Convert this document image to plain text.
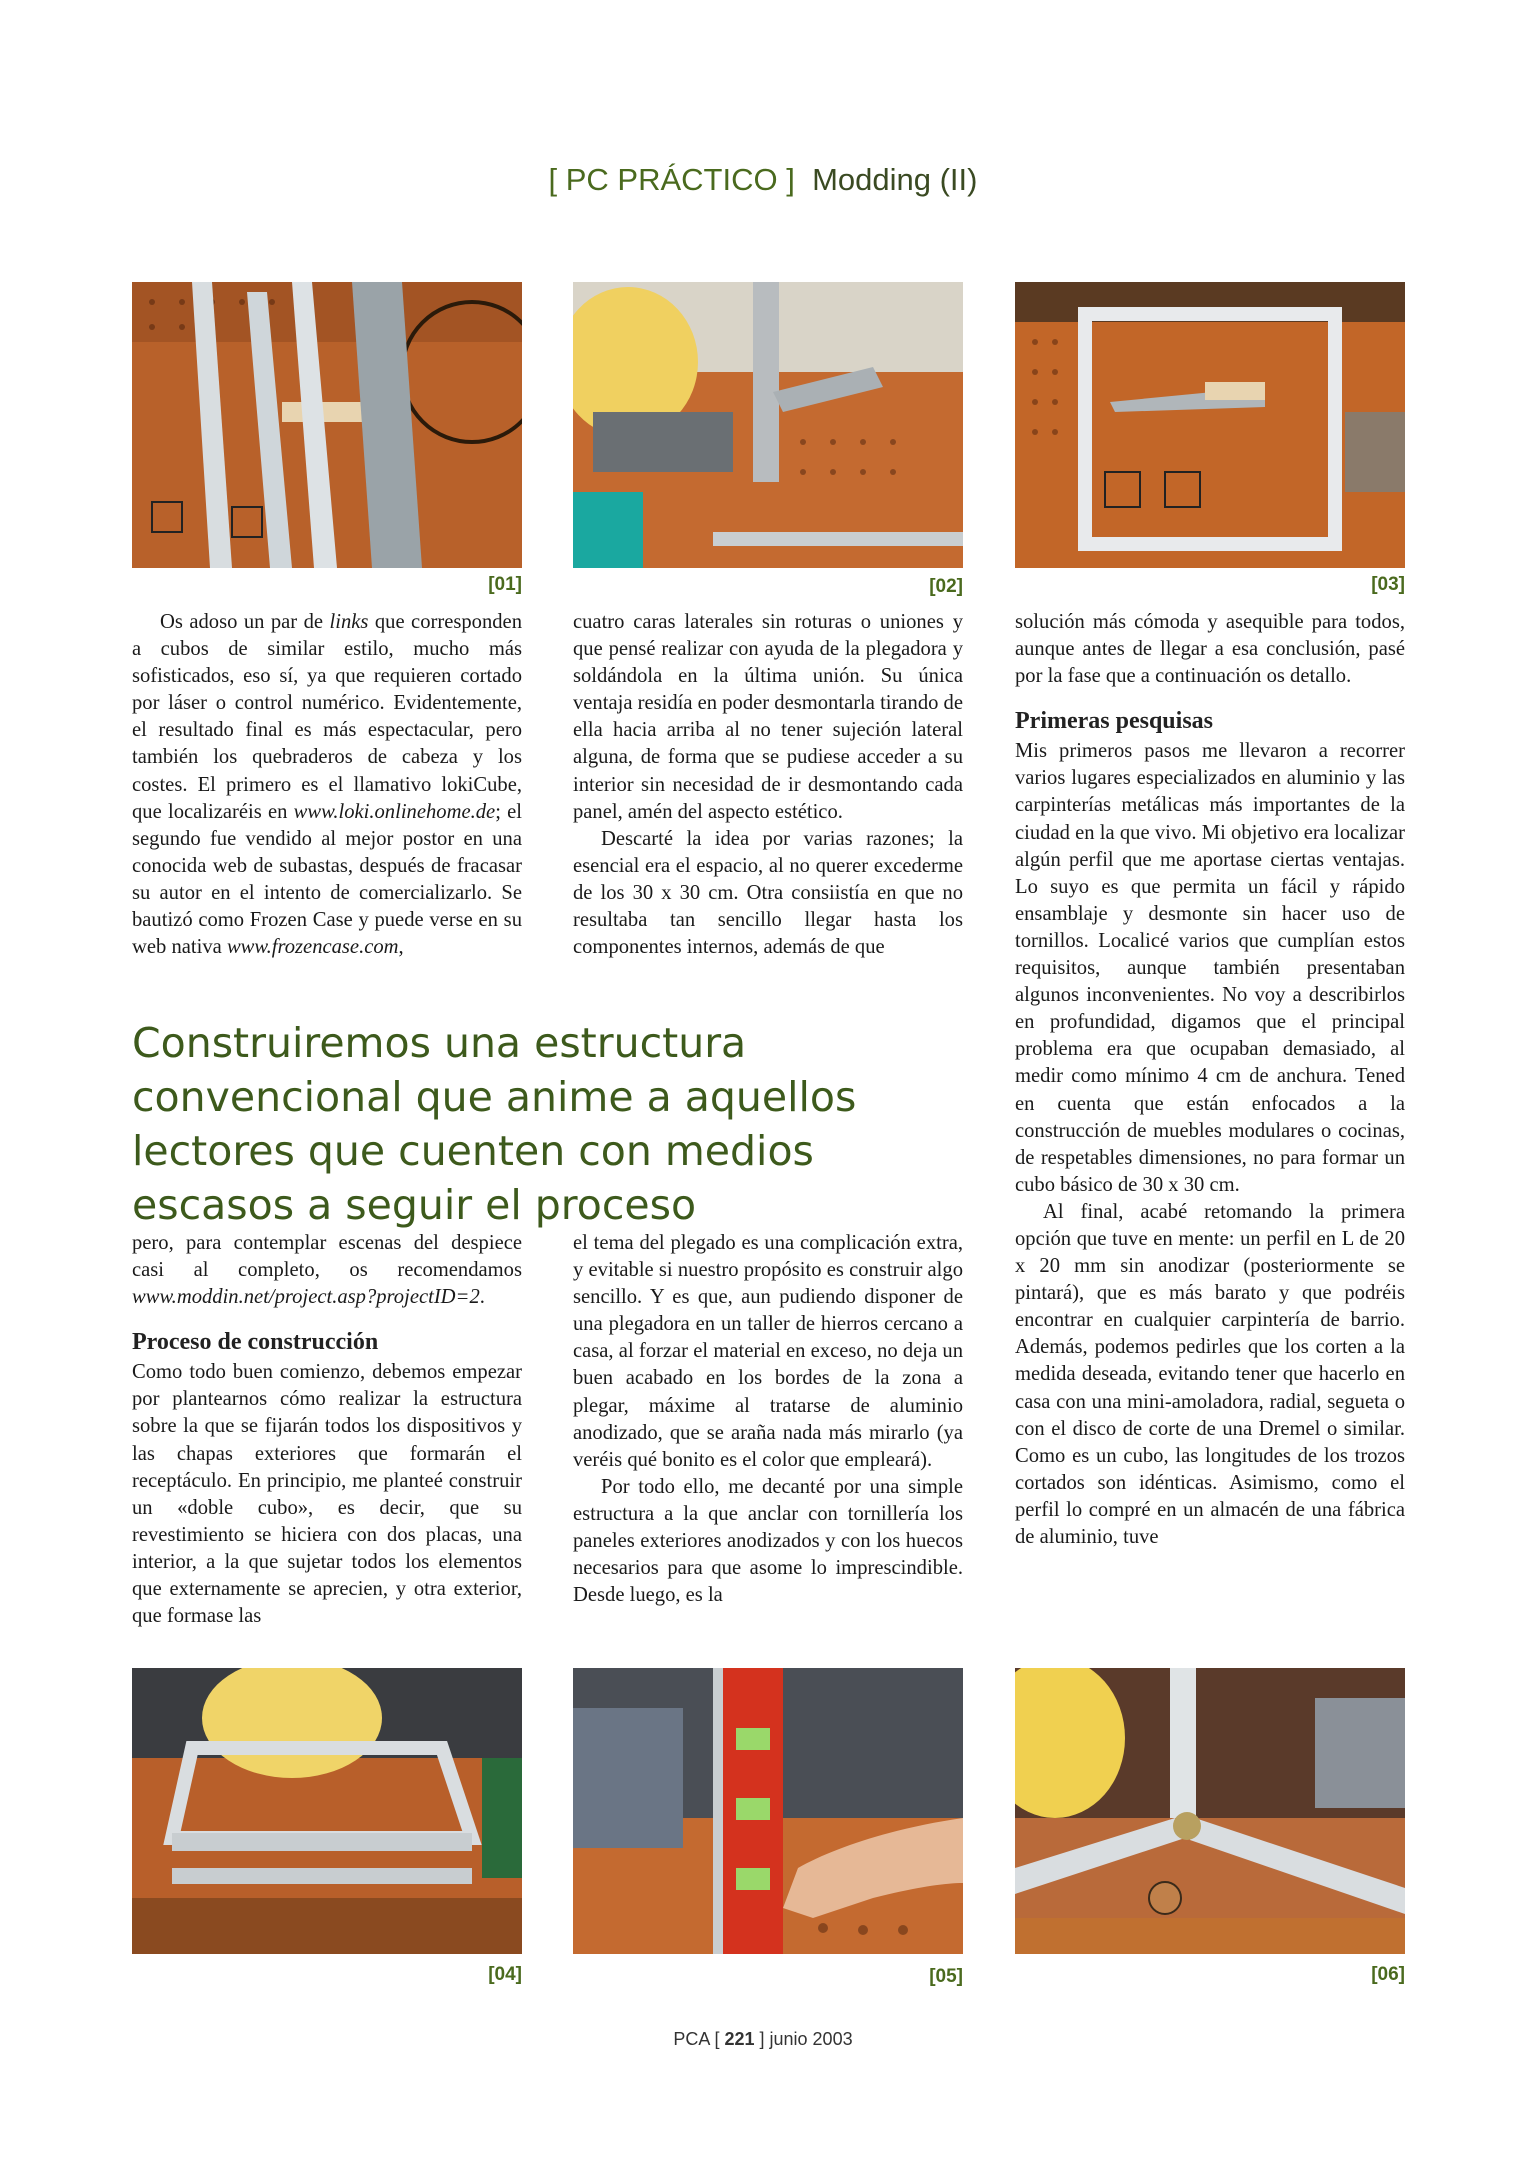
[ PC PRÁCTICO ] Modding (II)
[01]	[02]	[03]

Os adoso un par de links que corresponden a cubos de similar estilo, mucho más sofisticados, eso sí, ya que requieren cortado por láser o control numérico. Evidentemente, el resultado final es más espectacular, pero también los quebraderos de cabeza y los costes. El primero es el llamativo lokiCube, que localizaréis en www.loki.onlinehome.de; el segundo fue vendido al mejor postor en una conocida web de subastas, después de fracasar su autor en el intento de comercializarlo. Se bautizó como Frozen Case y puede verse en su web nativa www.frozencase.com,

cuatro caras laterales sin roturas o uniones y que pensé realizar con ayuda de la plegadora y soldándola en la última unión. Su única ventaja residía en poder desmontarla tirando de ella hacia arriba al no tener sujeción lateral alguna, de forma que se pudiese acceder a su interior sin necesidad de ir desmontando cada panel, amén del aspecto estético.

Descarté la idea por varias razones; la esencial era el espacio, al no querer excederme de los 30 x 30 cm. Otra consiistía en que no resultaba tan sencillo llegar hasta los componentes internos, además de que

Construiremos una estructura convencional que anime a aquellos lectores que cuenten con medios escasos a seguir el proceso

pero, para contemplar escenas del despiece casi al completo, os recomendamos www.moddin.net/project.asp?projectID=2.

Proceso de construcción

Como todo buen comienzo, debemos empezar por plantearnos cómo realizar la estructura sobre la que se fijarán todos los dispositivos y las chapas exteriores que formarán el receptáculo. En principio, me planteé construir un «doble cubo», es decir, que su revestimiento se hiciera con dos placas, una interior, a la que sujetar todos los elementos que externamente se aprecien, y otra exterior, que formase las

el tema del plegado es una complicación extra, y evitable si nuestro propósito es construir algo sencillo. Y es que, aun pudiendo disponer de una plegadora en un taller de hierros cercano a casa, al forzar el material en exceso, no deja un buen acabado en los bordes de la zona a plegar, máxime al tratarse de aluminio anodizado, que se araña nada más mirarlo (ya veréis qué bonito es el color que empleará).

Por todo ello, me decanté por una simple estructura a la que anclar con tornillería los paneles exteriores anodizados y con los huecos necesarios para que asome lo imprescindible. Desde luego, es la

solución más cómoda y asequible para todos, aunque antes de llegar a esa conclusión, pasé por la fase que a continuación os detallo.

Primeras pesquisas

Mis primeros pasos me llevaron a recorrer varios lugares especializados en aluminio y las carpinterías metálicas más importantes de la ciudad en la que vivo. Mi objetivo era localizar algún perfil que me aportase ciertas ventajas. Lo suyo es que permita un fácil y rápido ensamblaje y desmonte sin hacer uso de tornillos. Localicé varios que cumplían estos requisitos, aunque también presentaban algunos inconvenientes. No voy a describirlos en profundidad, digamos que el principal problema era que ocupaban demasiado, al medir como mínimo 4 cm de anchura. Tened en cuenta que están enfocados a la construcción de muebles modulares o cocinas, de respetables dimensiones, no para formar un cubo básico de 30 x 30 cm.

Al final, acabé retomando la primera opción que tuve en mente: un perfil en L de 20 x 20 mm sin anodizar (posteriormente se pintará), que es más barato y que podréis encontrar en cualquier carpintería de barrio. Además, podemos pedirles que los corten a la medida deseada, evitando tener que hacerlo en casa con una mini-amoladora, radial, segueta o con el disco de corte de una Dremel o similar. Como es un cubo, las longitudes de los trozos cortados son idénticas. Asimismo, como el perfil lo compré en un almacén de una fábrica de aluminio, tuve

[04]	[05]	[06]
PCA [ 221 ] junio 2003
